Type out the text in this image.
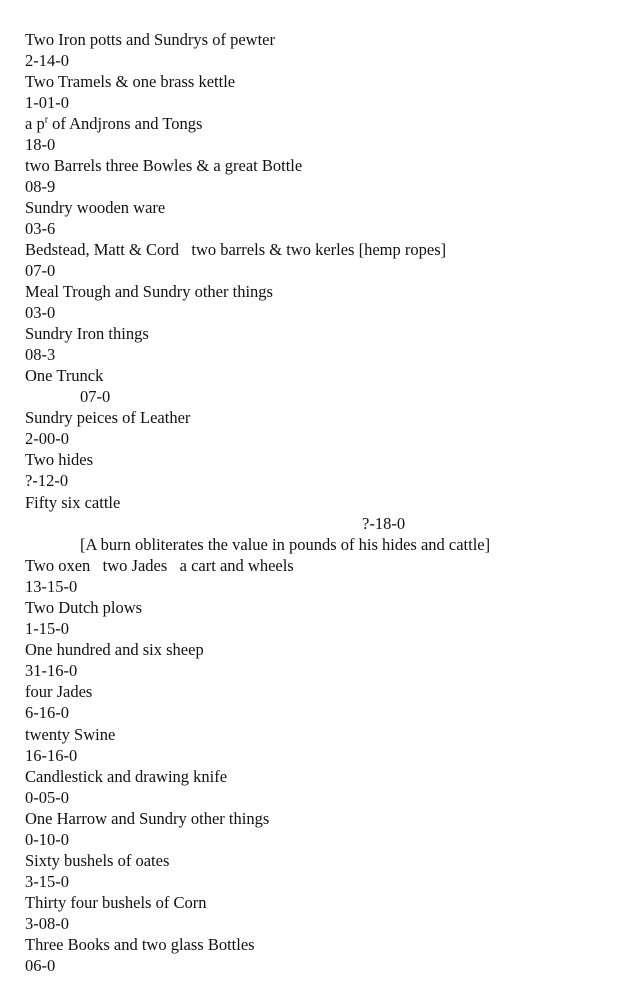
Two Iron potts and Sundrys of pewter
2-14-0
Two Tramels & one brass kettle
1-01-0
a $p^r$ of Andjrons and Tongs
18-0
two Barrels three Bowles & a great Bottle
08-9
Sundry wooden ware
03-6
Bedstead, Matt & Cord   two barrels & two kerles [hemp ropes]
07-0
Meal Trough and Sundry other things
03-0
Sundry Iron things
08-3
One Trunck
07-0
Sundry peices of Leather
2-00-0
Two hides
?-12-0
Fifty six cattle
?-18-0
[A burn obliterates the value in pounds of his hides and cattle]
Two oxen   two Jades   a cart and wheels
13-15-0
Two Dutch plows
1-15-0
One hundred and six sheep
31-16-0
four Jades
6-16-0
twenty Swine
16-16-0
Candlestick and drawing knife
0-05-0
One Harrow and Sundry other things
0-10-0
Sixty bushels of oates
3-15-0
Thirty four bushels of Corn
3-08-0
Three Books and two glass Bottles
06-0
